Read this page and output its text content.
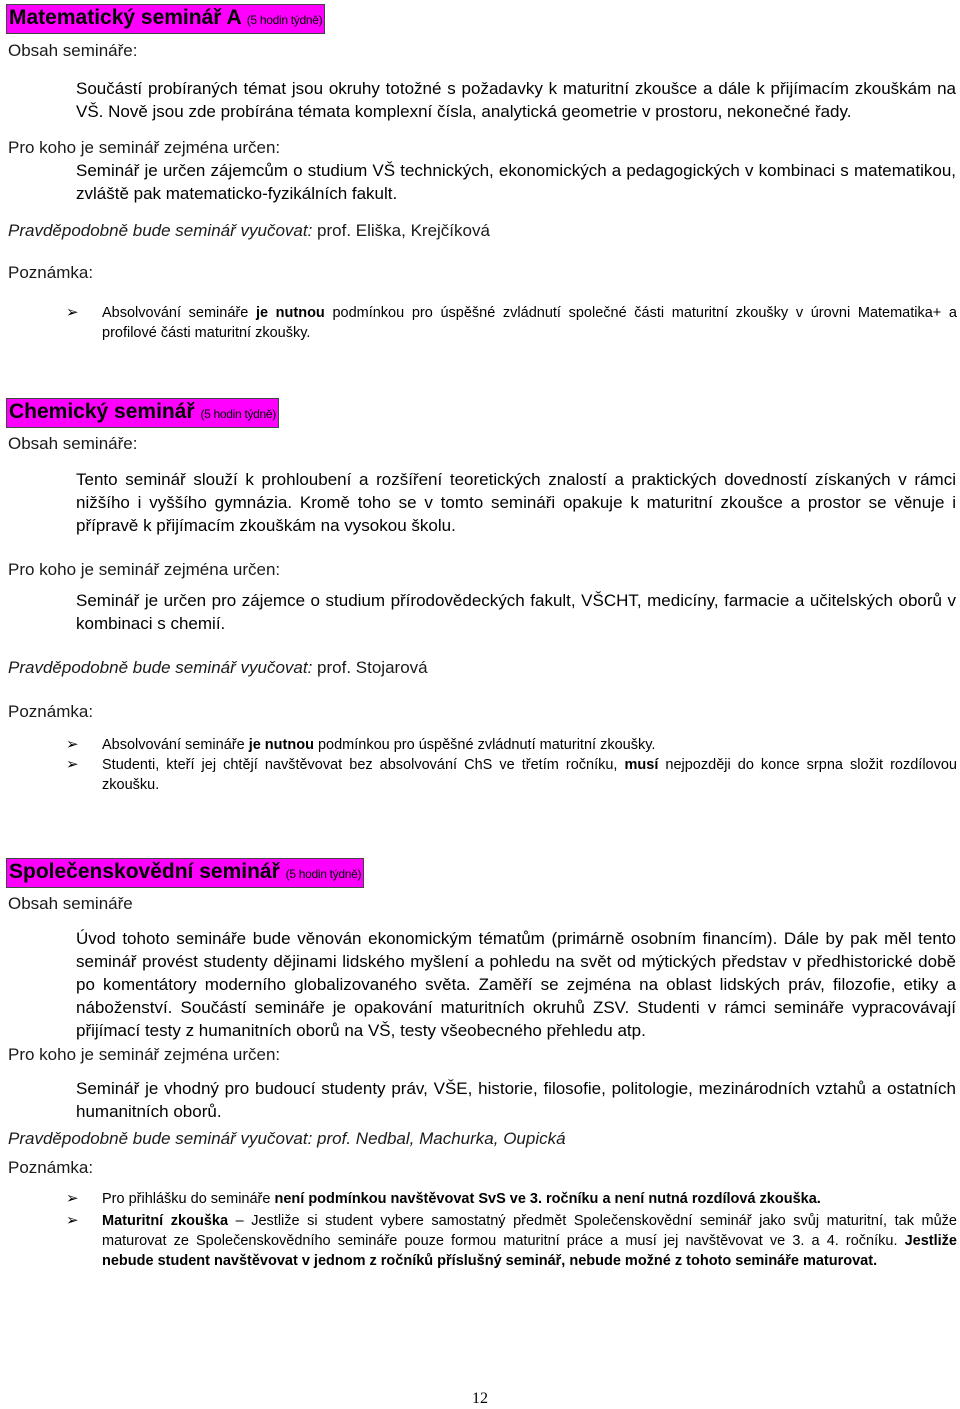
Matematický seminář A (5 hodin týdně)
Obsah semináře:
Součástí probíraných témat jsou okruhy totožné s požadavky k maturitní zkoušce a dále k přijímacím zkouškám na VŠ. Nově jsou zde probírána témata komplexní čísla, analytická geometrie v prostoru, nekonečné řady.
Pro koho je seminář zejména určen:
Seminář je určen zájemcům o studium VŠ technických, ekonomických a pedagogických v kombinaci s matematikou, zvláště pak matematicko-fyzikálních fakult.
Pravděpodobně bude seminář vyučovat: prof. Eliška, Krejčíková
Poznámka:
➢ Absolvování semináře je nutnou podmínkou pro úspěšné zvládnutí společné části maturitní zkoušky v úrovni Matematika+ a profilové části maturitní zkoušky.
Chemický seminář (5 hodin týdně)
Obsah semináře:
Tento seminář slouží k prohloubení a rozšíření teoretických znalostí a praktických dovedností získaných v rámci nižšího i vyššího gymnázia. Kromě toho se v tomto semináři opakuje k maturitní zkoušce a prostor se věnuje i přípravě k přijímacím zkouškám na vysokou školu.
Pro koho je seminář zejména určen:
Seminář je určen pro zájemce o studium přírodovědeckých fakult, VŠCHT, medicíny, farmacie a učitelských oborů v kombinaci s chemií.
Pravděpodobně bude seminář vyučovat: prof. Stojarová
Poznámka:
➢ Absolvování semináře je nutnou podmínkou pro úspěšné zvládnutí maturitní zkoušky.
➢ Studenti, kteří jej chtějí navštěvovat bez absolvování ChS ve třetím ročníku, musí nejpozději do konce srpna složit rozdílovou zkoušku.
Společenskovědní seminář (5 hodin týdně)
Obsah semináře
Úvod tohoto semináře bude věnován ekonomickým tématům (primárně osobním financím). Dále by pak měl tento seminář provést studenty dějinami lidského myšlení a pohledu na svět od mýtických představ v předhistorické době po komentátory moderního globalizovaného světa. Zaměří se zejména na oblast lidských práv, filozofie, etiky a náboženství. Součástí semináře je opakování maturitních okruhů ZSV. Studenti v rámci semináře vypracovávají přijímací testy z humanitních oborů na VŠ, testy všeobecného přehledu atp.
Pro koho je seminář zejména určen:
Seminář je vhodný pro budoucí studenty práv, VŠE, historie, filosofie, politologie, mezinárodních vztahů a ostatních humanitních oborů.
Pravděpodobně bude seminář vyučovat: prof. Nedbal, Machurka, Oupická
Poznámka:
➢ Pro přihlášku do semináře není podmínkou navštěvovat SvS ve 3. ročníku a není nutná rozdílová zkouška.
➢ Maturitní zkouška – Jestliže si student vybere samostatný předmět Společenskovědní seminář jako svůj maturitní, tak může maturovat ze Společenskovědního semináře pouze formou maturitní práce a musí jej navštěvovat ve 3. a 4. ročníku. Jestliže nebude student navštěvovat v jednom z ročníků příslušný seminář, nebude možné z tohoto semináře maturovat.
12
